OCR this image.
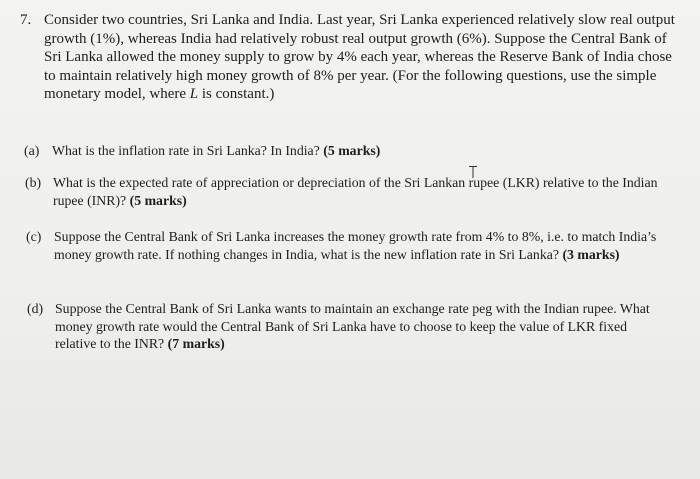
7. Consider two countries, Sri Lanka and India. Last year, Sri Lanka experienced relatively slow real output growth (1%), whereas India had relatively robust real output growth (6%). Suppose the Central Bank of Sri Lanka allowed the money supply to grow by 4% each year, whereas the Reserve Bank of India chose to maintain relatively high money growth of 8% per year. (For the following questions, use the simple monetary model, where L is constant.)
(a) What is the inflation rate in Sri Lanka? In India? (5 marks)
(b) What is the expected rate of appreciation or depreciation of the Sri Lankan rupee (LKR) relative to the Indian rupee (INR)? (5 marks)
(c) Suppose the Central Bank of Sri Lanka increases the money growth rate from 4% to 8%, i.e. to match India’s money growth rate. If nothing changes in India, what is the new inflation rate in Sri Lanka? (3 marks)
(d) Suppose the Central Bank of Sri Lanka wants to maintain an exchange rate peg with the Indian rupee. What money growth rate would the Central Bank of Sri Lanka have to choose to keep the value of LKR fixed relative to the INR? (7 marks)
